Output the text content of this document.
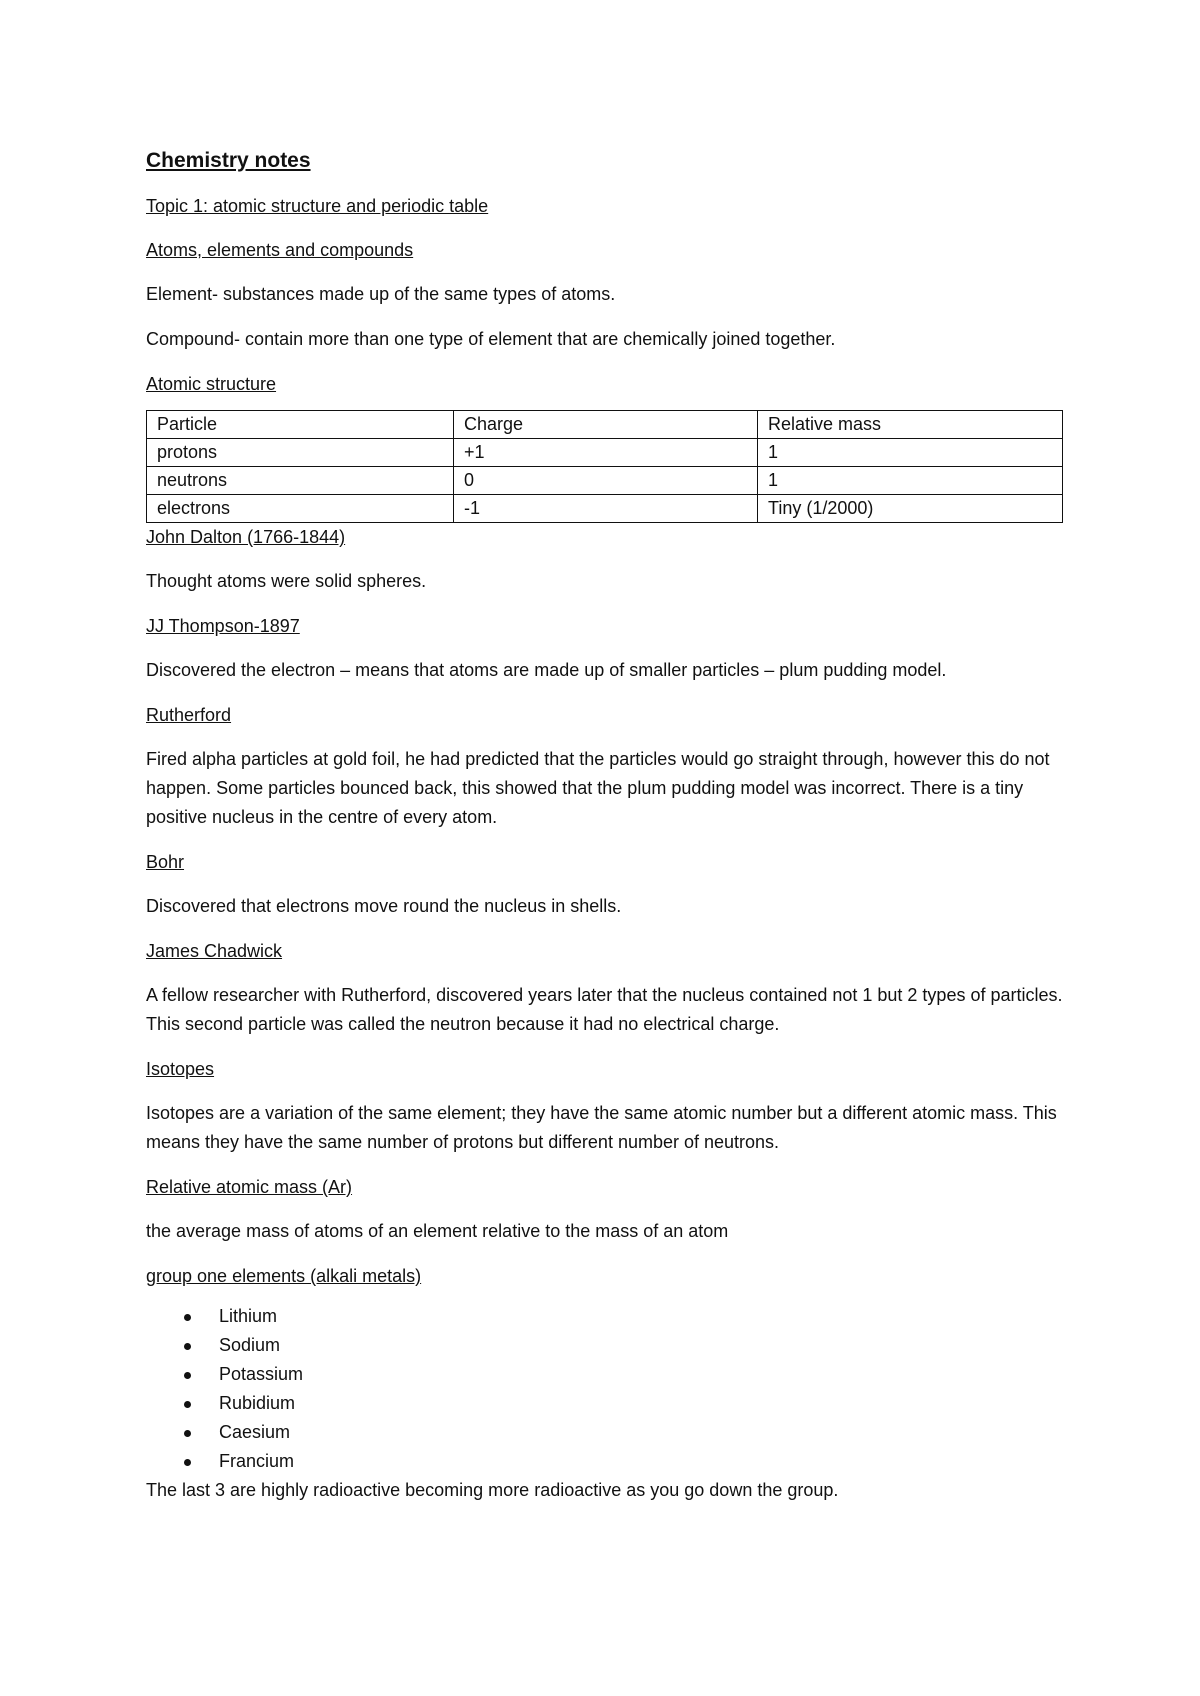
Chemistry notes
Topic 1: atomic structure and periodic table
Atoms, elements and compounds
Element- substances made up of the same types of atoms.
Compound- contain more than one type of element that are chemically joined together.
Atomic structure
Particle	Charge	Relative mass
protons	+1	1
neutrons	0	1
electrons	-1	Tiny (1/2000)
John Dalton (1766-1844)
Thought atoms were solid spheres.
JJ Thompson-1897
Discovered the electron – means that atoms are made up of smaller particles – plum pudding model.
Rutherford
Fired alpha particles at gold foil, he had predicted that the particles would go straight through, however this do not happen. Some particles bounced back, this showed that the plum pudding model was incorrect. There is a tiny positive nucleus in the centre of every atom.
Bohr
Discovered that electrons move round the nucleus in shells.
James Chadwick
A fellow researcher with Rutherford, discovered years later that the nucleus contained not 1 but 2 types of particles. This second particle was called the neutron because it had no electrical charge.
Isotopes
Isotopes are a variation of the same element; they have the same atomic number but a different atomic mass. This means they have the same number of protons but different number of neutrons.
Relative atomic mass (Ar)
the average mass of atoms of an element relative to the mass of an atom
group one elements (alkali metals)
Lithium
Sodium
Potassium
Rubidium
Caesium
Francium
The last 3 are highly radioactive becoming more radioactive as you go down the group.
